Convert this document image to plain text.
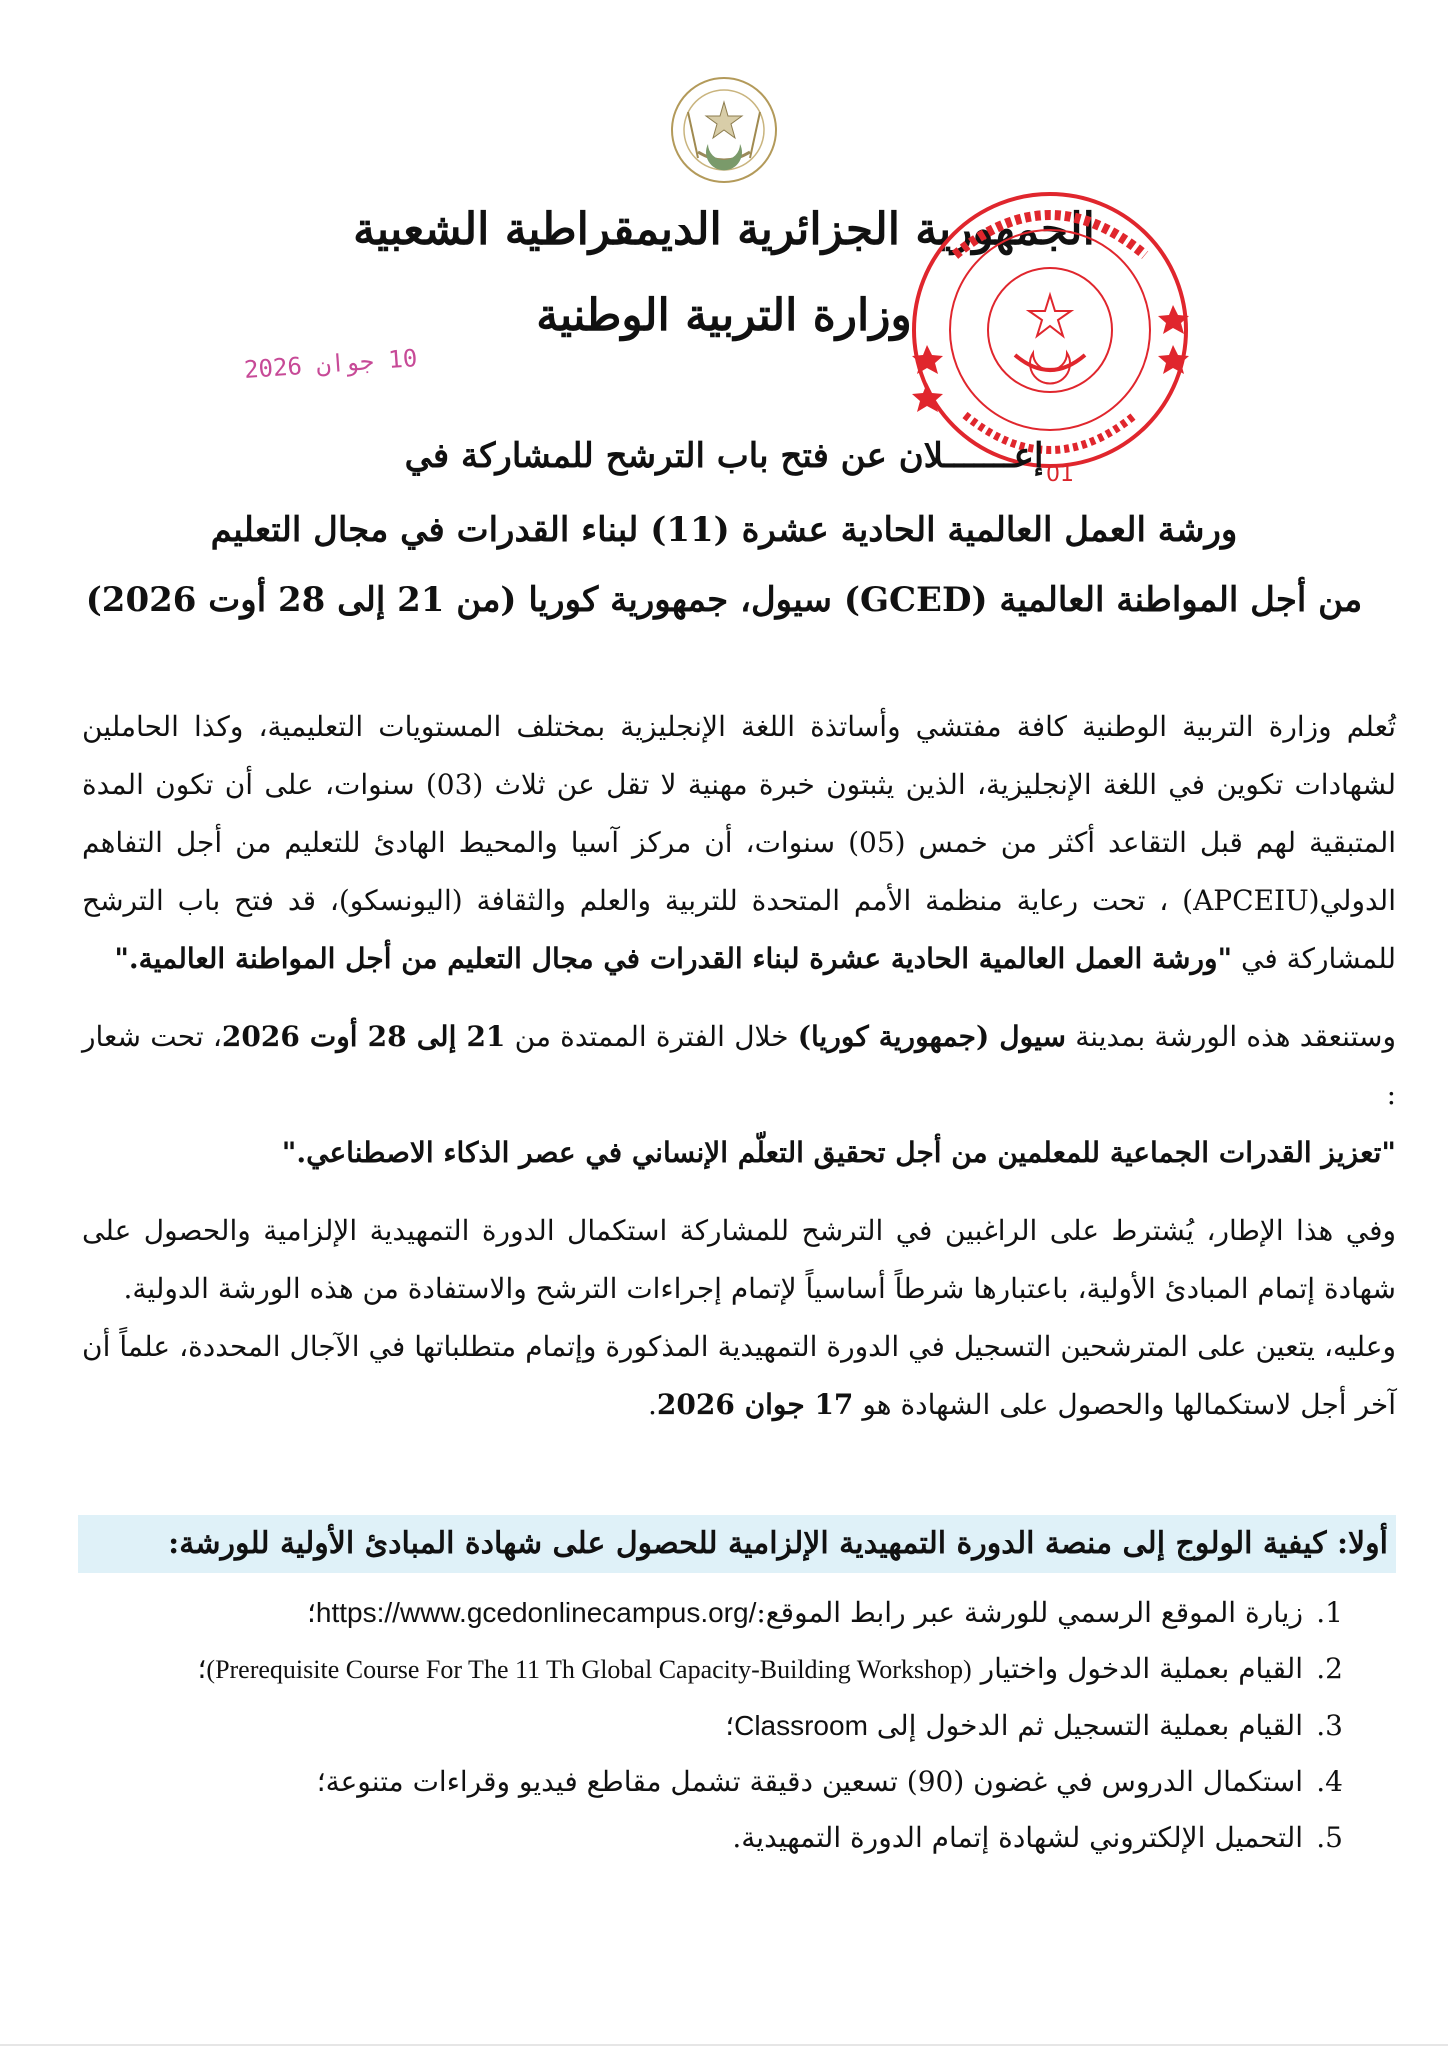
الجمهورية الجزائرية الديمقراطية الشعبية
وزارة التربية الوطنية
10 جوان 2026
01
إعـــــــلان عن فتح باب الترشح للمشاركة في
ورشة العمل العالمية الحادية عشرة (11) لبناء القدرات في مجال التعليم
من أجل المواطنة العالمية (GCED) سيول، جمهورية كوريا (من 21 إلى 28 أوت 2026)

تُعلم وزارة التربية الوطنية كافة مفتشي وأساتذة اللغة الإنجليزية بمختلف المستويات التعليمية، وكذا الحاملين لشهادات تكوين في اللغة الإنجليزية، الذين يثبتون خبرة مهنية لا تقل عن ثلاث (03) سنوات، على أن تكون المدة المتبقية لهم قبل التقاعد أكثر من خمس (05) سنوات، أن مركز آسيا والمحيط الهادئ للتعليم من أجل التفاهم الدولي(APCEIU) ، تحت رعاية منظمة الأمم المتحدة للتربية والعلم والثقافة (اليونسكو)، قد فتح باب الترشح للمشاركة في "ورشة العمل العالمية الحادية عشرة لبناء القدرات في مجال التعليم من أجل المواطنة العالمية."

وستنعقد هذه الورشة بمدينة سيول (جمهورية كوريا) خلال الفترة الممتدة من 21 إلى 28 أوت 2026، تحت شعار :
"تعزيز القدرات الجماعية للمعلمين من أجل تحقيق التعلّم الإنساني في عصر الذكاء الاصطناعي."

وفي هذا الإطار، يُشترط على الراغبين في الترشح للمشاركة استكمال الدورة التمهيدية الإلزامية والحصول على شهادة إتمام المبادئ الأولية، باعتبارها شرطاً أساسياً لإتمام إجراءات الترشح والاستفادة من هذه الورشة الدولية.

وعليه، يتعين على المترشحين التسجيل في الدورة التمهيدية المذكورة وإتمام متطلباتها في الآجال المحددة، علماً أن آخر أجل لاستكمالها والحصول على الشهادة هو 17 جوان 2026.

أولا: كيفية الولوج إلى منصة الدورة التمهيدية الإلزامية للحصول على شهادة المبادئ الأولية للورشة:
1.
زيارة الموقع الرسمي للورشة عبر رابط الموقع:https://www.gcedonlinecampus.org/؛
2.
القيام بعملية الدخول واختيار (Prerequisite Course For The 11 Th Global Capacity-Building Workshop)؛
3.
القيام بعملية التسجيل ثم الدخول إلى Classroom؛
4.
استكمال الدروس في غضون (90) تسعين دقيقة تشمل مقاطع فيديو وقراءات متنوعة؛
5.
التحميل الإلكتروني لشهادة إتمام الدورة التمهيدية.
